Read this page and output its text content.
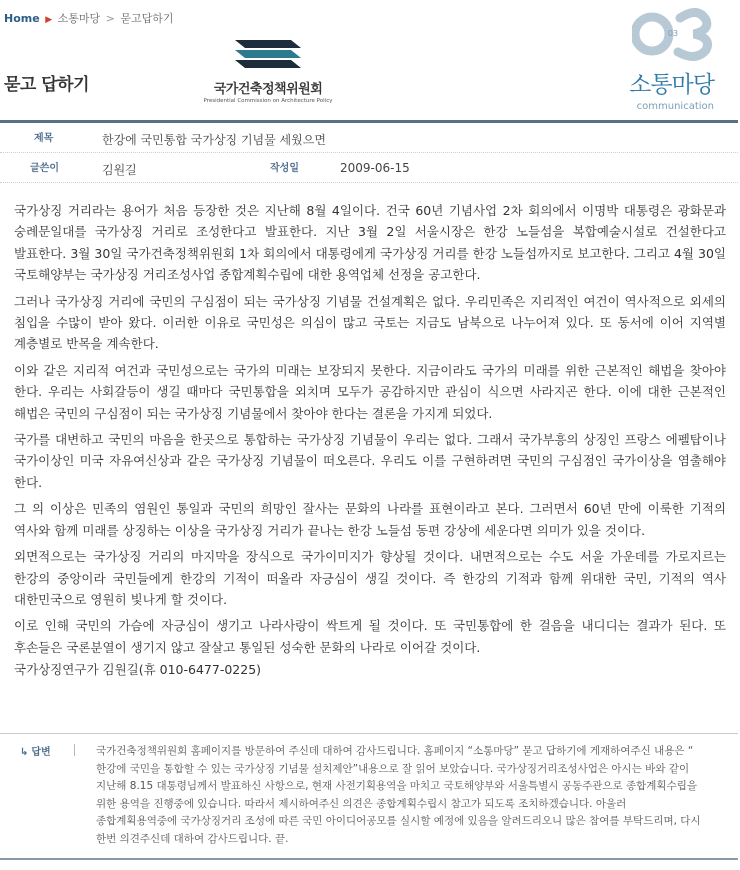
Home ▶ 소통마당 > 묻고답하기
묻고 답하기	국가건축정책위원회
Presidential Commission on Architecture Policy
03
소통마당
communication
제목	한강에 국민통합 국가상징 기념물 세웠으면
글쓴이	김원길	작성일	2009-06-15

국가상징 거리라는 용어가 처음 등장한 것은 지난해 8월 4일이다. 건국 60년 기념사업 2차 회의에서 이명박 대통령은 광화문과 숭례문일대를 국가상징 거리로 조성한다고 발표한다. 지난 3월 2일 서울시장은 한강 노들섬을 복합예술시설로 건설한다고 발표한다. 3월 30일 국가건축정책위원회 1차 회의에서 대통령에게 국가상징 거리를 한강 노들섬까지로 보고한다. 그리고 4월 30일 국토해양부는 국가상징 거리조성사업 종합계획수립에 대한 용역업체 선정을 공고한다.

그러나 국가상징 거리에 국민의 구심점이 되는 국가상징 기념물 건설계획은 없다. 우리민족은 지리적인 여건이 역사적으로 외세의 침입을 수많이 받아 왔다. 이러한 이유로 국민성은 의심이 많고 국토는 지금도 남북으로 나누어져 있다. 또 동서에 이어 지역별 계층별로 반목을 계속한다.

이와 같은 지리적 여건과 국민성으로는 국가의 미래는 보장되지 못한다. 지금이라도 국가의 미래를 위한 근본적인 해법을 찾아야 한다. 우리는 사회갈등이 생길 때마다 국민통합을 외치며 모두가 공감하지만 관심이 식으면 사라지곤 한다. 이에 대한 근본적인 해법은 국민의 구심점이 되는 국가상징 기념물에서 찾아야 한다는 결론을 가지게 되었다.

국가를 대변하고 국민의 마음을 한곳으로 통합하는 국가상징 기념물이 우리는 없다. 그래서 국가부흥의 상징인 프랑스 에펠탑이나 국가이상인 미국 자유여신상과 같은 국가상징 기념물이 떠오른다. 우리도 이를 구현하려면 국민의 구심점인 국가이상을 염출해야 한다.

그 의 이상은 민족의 염원인 통일과 국민의 희망인 잘사는 문화의 나라를 표현이라고 본다. 그러면서 60년 만에 이룩한 기적의 역사와 함께 미래를 상징하는 이상을 국가상징 거리가 끝나는 한강 노들섬 동편 강상에 세운다면 의미가 있을 것이다.

외면적으로는 국가상징 거리의 마지막을 장식으로 국가이미지가 향상될 것이다. 내면적으로는 수도 서울 가운데를 가로지르는 한강의 중앙이라 국민들에게 한강의 기적이 떠올라 자긍심이 생길 것이다. 즉 한강의 기적과 함께 위대한 국민, 기적의 역사 대한민국으로 영원히 빛나게 할 것이다.

이로 인해 국민의 가슴에 자긍심이 생기고 나라사랑이 싹트게 될 것이다. 또 국민통합에 한 걸음을 내디디는 결과가 된다. 또 후손들은 국론분열이 생기지 않고 잘살고 통일된 성숙한 문화의 나라로 이어갈 것이다.

국가상징연구가 김원길(휴 010-6477-0225)

↳ 답변	국가건축정책위원회 홈페이지를 방문하여 주신데 대하여 감사드립니다. 홈페이지 “소통마당” 묻고 답하기에 게재하여주신 내용은 “ 한강에 국민을 통합할 수 있는 국가상징 기념물 설치제안”내용으로 잘 읽어 보았습니다. 국가상징거리조성사업은 아시는 바와 같이 지난해 8.15 대통령님께서 발표하신 사항으로, 현재 사전기획용역을 마치고 국토해양부와 서울특별시 공동주관으로 종합계획수립을 위한 용역을 진행중에 있습니다. 따라서 제시하여주신 의견은 종합계획수립시 참고가 되도록 조치하겠습니다. 아울러 종합계획용역중에 국가상징거리 조성에 따른 국민 아이디어공모를 실시할 예정에 있음을 알려드리오니 많은 참여를 부탁드리며, 다시 한번 의견주신데 대하여 감사드립니다. 끝.
